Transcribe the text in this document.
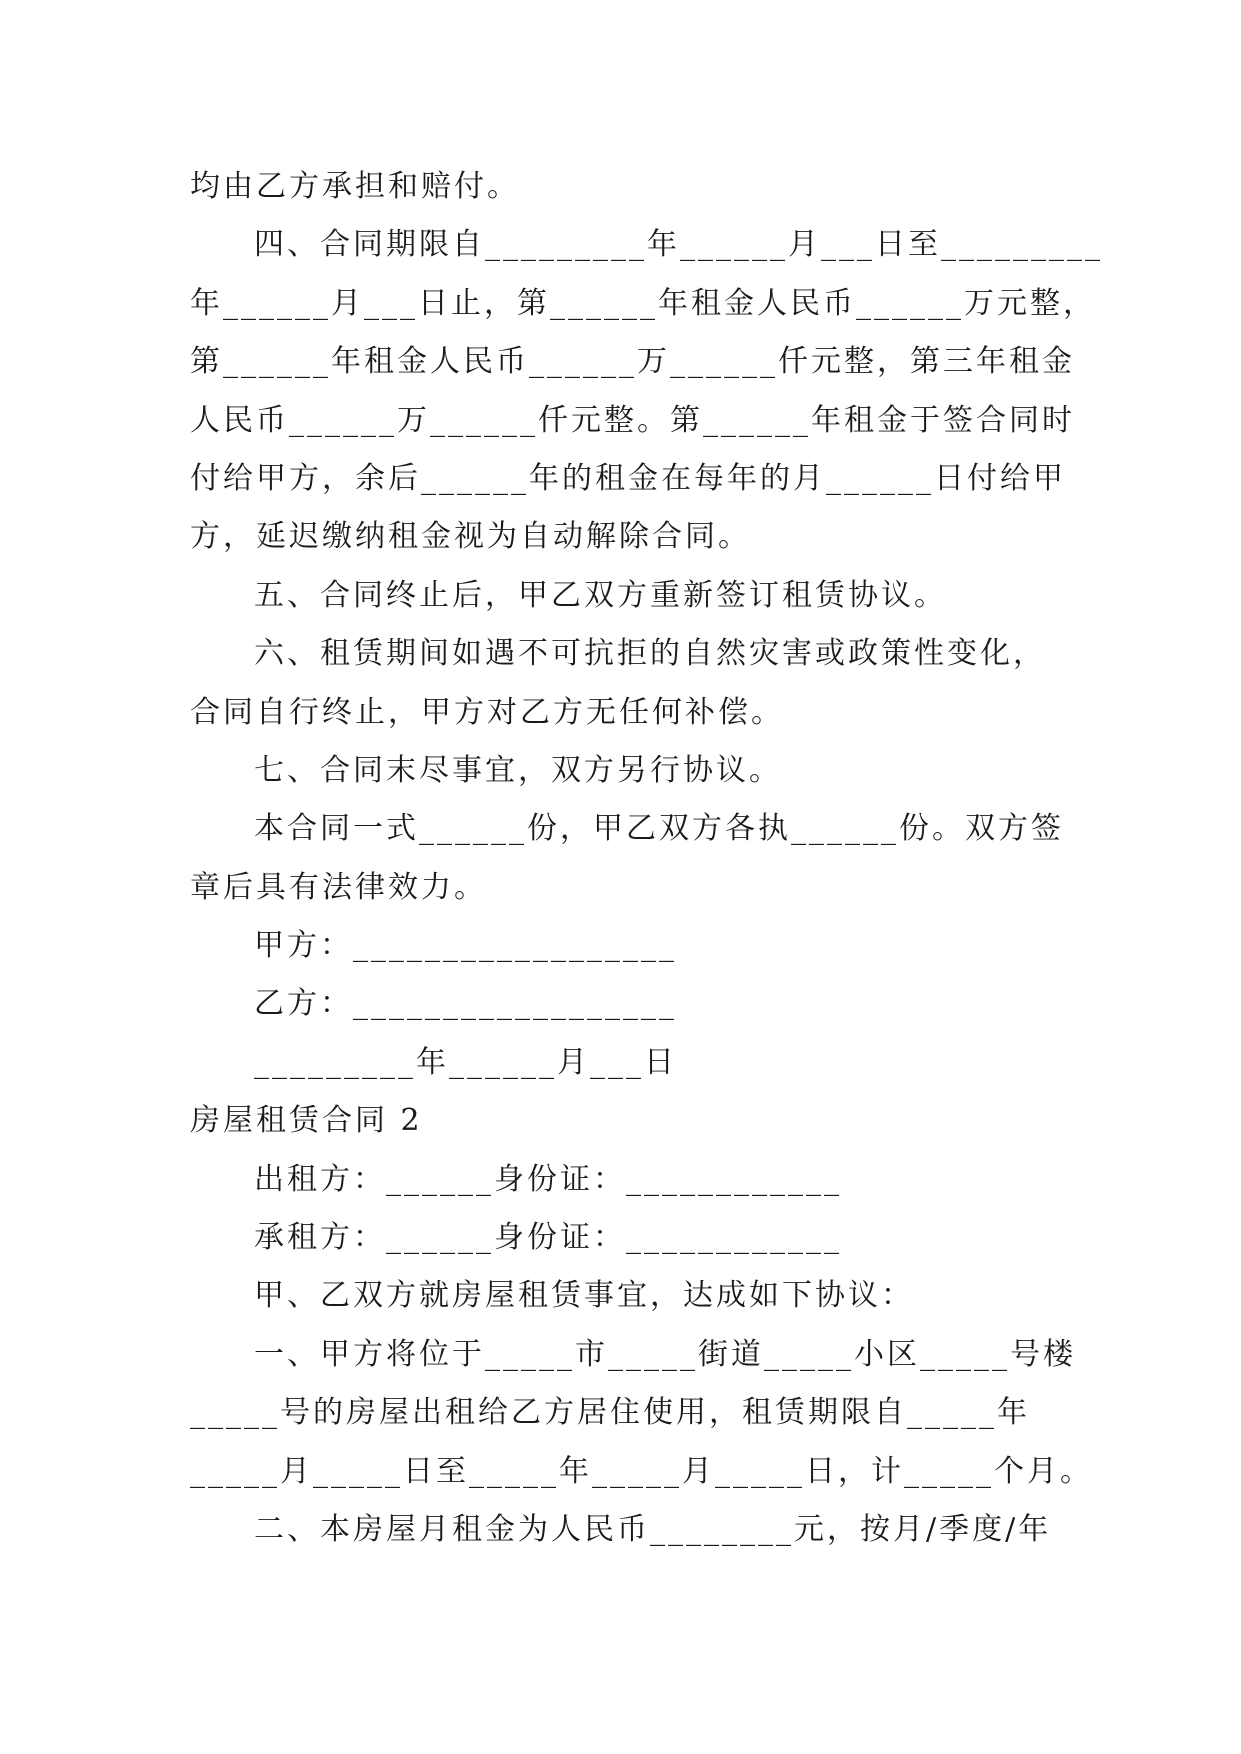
均由乙方承担和赔付。
四、合同期限自_________年______月___日至_________
年______月___日止，第______年租金人民币______万元整，
第______年租金人民币______万______仟元整，第三年租金
人民币______万______仟元整。第______年租金于签合同时
付给甲方，余后______年的租金在每年的月______日付给甲
方，延迟缴纳租金视为自动解除合同。
五、合同终止后，甲乙双方重新签订租赁协议。
六、租赁期间如遇不可抗拒的自然灾害或政策性变化，
合同自行终止，甲方对乙方无任何补偿。
七、合同末尽事宜，双方另行协议。
本合同一式______份，甲乙双方各执______份。双方签
章后具有法律效力。
甲方：__________________
乙方：__________________
_________年______月___日
房屋租赁合同 2
出租方：______身份证：____________
承租方：______身份证：____________
甲、乙双方就房屋租赁事宜，达成如下协议：
一、甲方将位于_____市_____街道_____小区_____号楼
_____号的房屋出租给乙方居住使用，租赁期限自_____年
_____月_____日至_____年_____月_____日，计_____个月。
二、本房屋月租金为人民币________元，按月/季度/年
